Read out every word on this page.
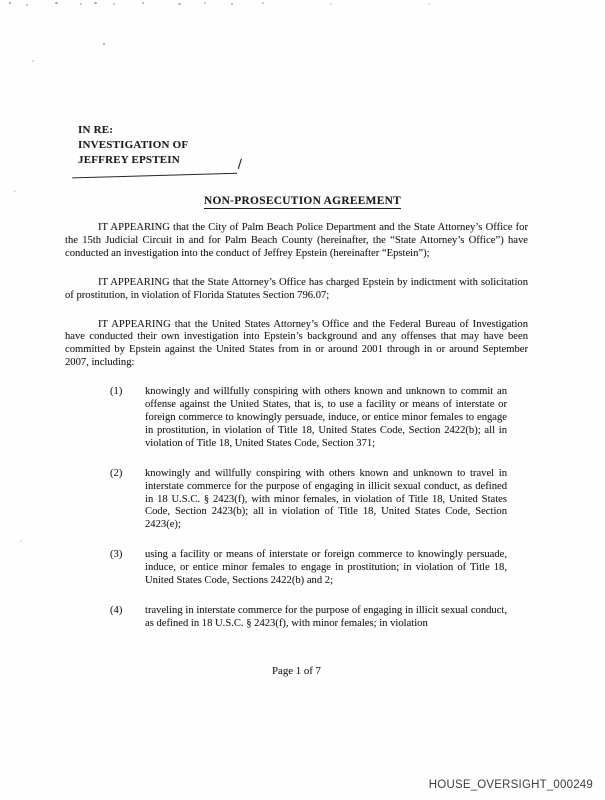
IN RE:
INVESTIGATION OF
JEFFREY EPSTEIN	/
NON-PROSECUTION AGREEMENT

IT APPEARING that the City of Palm Beach Police Department and the State Attorney’s Office for the 15th Judicial Circuit in and for Palm Beach County (hereinafter, the “State Attorney’s Office”) have conducted an investigation into the conduct of Jeffrey Epstein (hereinafter “Epstein”);

IT APPEARING that the State Attorney’s Office has charged Epstein by indictment with solicitation of prostitution, in violation of Florida Statutes Section 796.07;

IT APPEARING that the United States Attorney’s Office and the Federal Bureau of Investigation have conducted their own investigation into Epstein’s background and any offenses that may have been committed by Epstein against the United States from in or around 2001 through in or around September 2007, including:

(1)	knowingly and willfully conspiring with others known and unknown to commit an offense against the United States, that is, to use a facility or means of interstate or foreign commerce to knowingly persuade, induce, or entice minor females to engage in prostitution, in violation of Title 18, United States Code, Section 2422(b); all in violation of Title 18, United States Code, Section 371;
(2)	knowingly and willfully conspiring with others known and unknown to travel in interstate commerce for the purpose of engaging in illicit sexual conduct, as defined in 18 U.S.C. § 2423(f), with minor females, in violation of Title 18, United States Code, Section 2423(b); all in violation of Title 18, United States Code, Section 2423(e);
(3)	using a facility or means of interstate or foreign commerce to knowingly persuade, induce, or entice minor females to engage in prostitution; in violation of Title 18, United States Code, Sections 2422(b) and 2;
(4)	traveling in interstate commerce for the purpose of engaging in illicit sexual conduct, as defined in 18 U.S.C. § 2423(f), with minor females; in violation
Page 1 of 7
HOUSE_OVERSIGHT_000249
